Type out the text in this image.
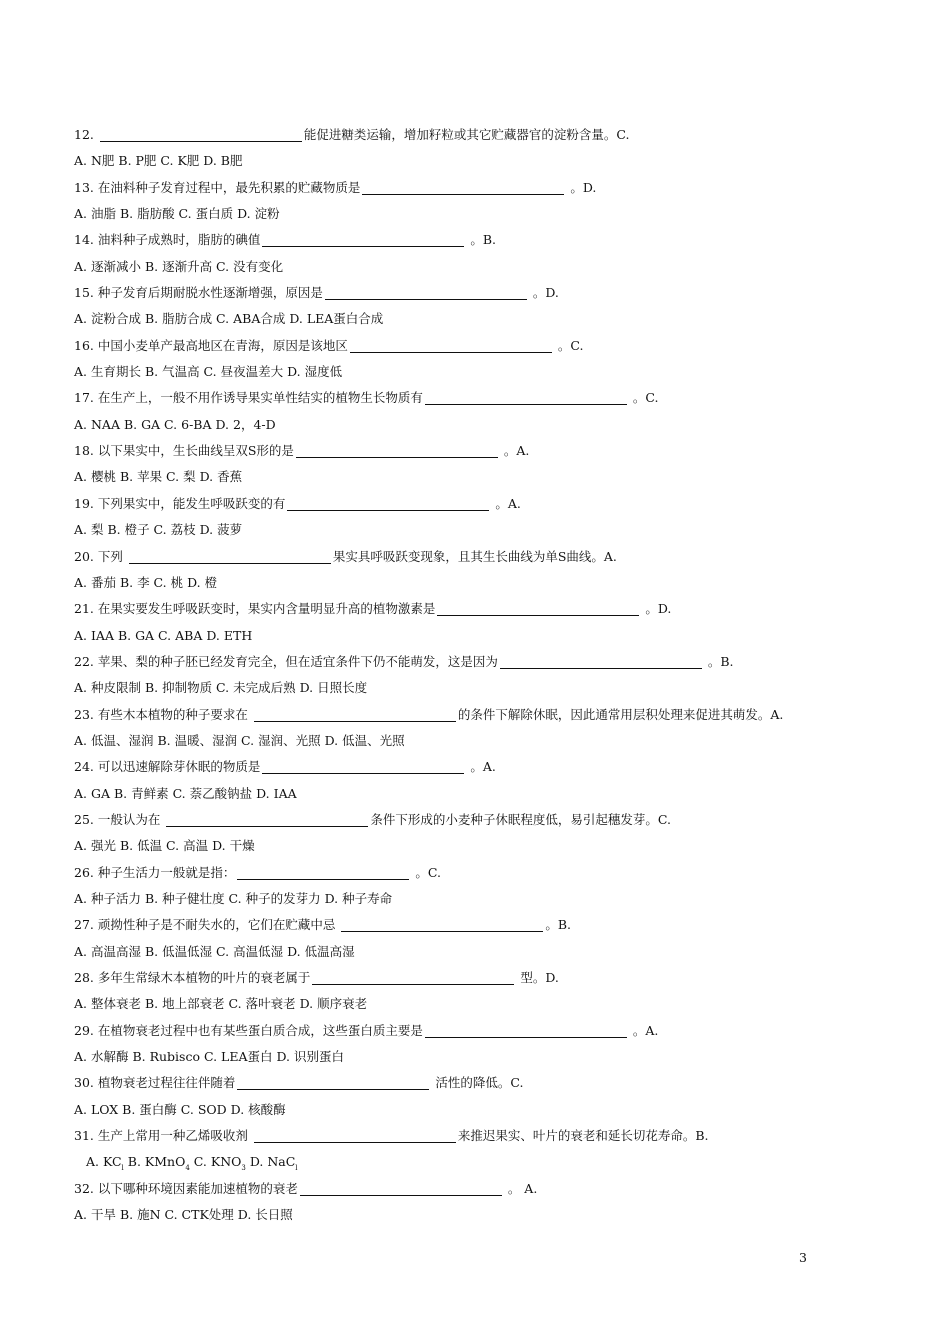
12.	能促进糖类运输，增加籽粒或其它贮藏器官的淀粉含量。C.
A. N肥 B. P肥 C. K肥 D. B肥
13. 在油料种子发育过程中，最先积累的贮藏物质是	。D.
A. 油脂 B. 脂肪酸 C. 蛋白质 D. 淀粉
14. 油料种子成熟时，脂肪的碘值	。B.
A. 逐渐减小 B. 逐渐升高 C. 没有变化
15. 种子发育后期耐脱水性逐渐增强，原因是	。D.
A. 淀粉合成 B. 脂肪合成 C. ABA合成 D. LEA蛋白合成
16. 中国小麦单产最高地区在青海，原因是该地区	。C.
A. 生育期长 B. 气温高 C. 昼夜温差大 D. 湿度低
17. 在生产上，一般不用作诱导果实单性结实的植物生长物质有	。C.
A. NAA B. GA C. 6-BA D. 2，4-D
18. 以下果实中，生长曲线呈双S形的是	。A.
A. 樱桃 B. 苹果 C. 梨 D. 香蕉
19. 下列果实中，能发生呼吸跃变的有	。A.
A. 梨 B. 橙子 C. 荔枝 D. 菠萝
20. 下列	果实具呼吸跃变现象，且其生长曲线为单S曲线。A.
A. 番茄 B. 李 C. 桃 D. 橙
21. 在果实要发生呼吸跃变时，果实内含量明显升高的植物激素是	。D.
A. IAA B. GA C. ABA D. ETH
22. 苹果、梨的种子胚已经发育完全，但在适宜条件下仍不能萌发，这是因为	。B.
A. 种皮限制 B. 抑制物质 C. 未完成后熟 D. 日照长度
23. 有些木本植物的种子要求在	的条件下解除休眠，因此通常用层积处理来促进其萌发。A.
A. 低温、湿润 B. 温暖、湿润 C. 湿润、光照 D. 低温、光照
24. 可以迅速解除芽休眠的物质是	。A.
A. GA B. 青鲜素 C. 萘乙酸钠盐 D. IAA
25. 一般认为在	条件下形成的小麦种子休眠程度低，易引起穗发芽。C.
A. 强光 B. 低温 C. 高温 D. 干燥
26. 种子生活力一般就是指：	。C.
A. 种子活力 B. 种子健壮度 C. 种子的发芽力 D. 种子寿命
27. 顽拗性种子是不耐失水的，它们在贮藏中忌	。B.
A. 高温高湿 B. 低温低湿 C. 高温低湿 D. 低温高湿
28. 多年生常绿木本植物的叶片的衰老属于	型。D.
A. 整体衰老 B. 地上部衰老 C. 落叶衰老 D. 顺序衰老
29. 在植物衰老过程中也有某些蛋白质合成，这些蛋白质主要是	。A.
A. 水解酶 B. Rubisco C. LEA蛋白 D. 识别蛋白
30. 植物衰老过程往往伴随着	活性的降低。C.
A. LOX B. 蛋白酶 C. SOD D. 核酸酶
31. 生产上常用一种乙烯吸收剂	来推迟果实、叶片的衰老和延长切花寿命。B.
A. $KC_l$ B. KMnO$_4$ C. $KNO_3$ D. NaC$_l$
32. 以下哪种环境因素能加速植物的衰老	。 A.
A. 干旱 B. 施N C. CTK处理 D. 长日照
3
